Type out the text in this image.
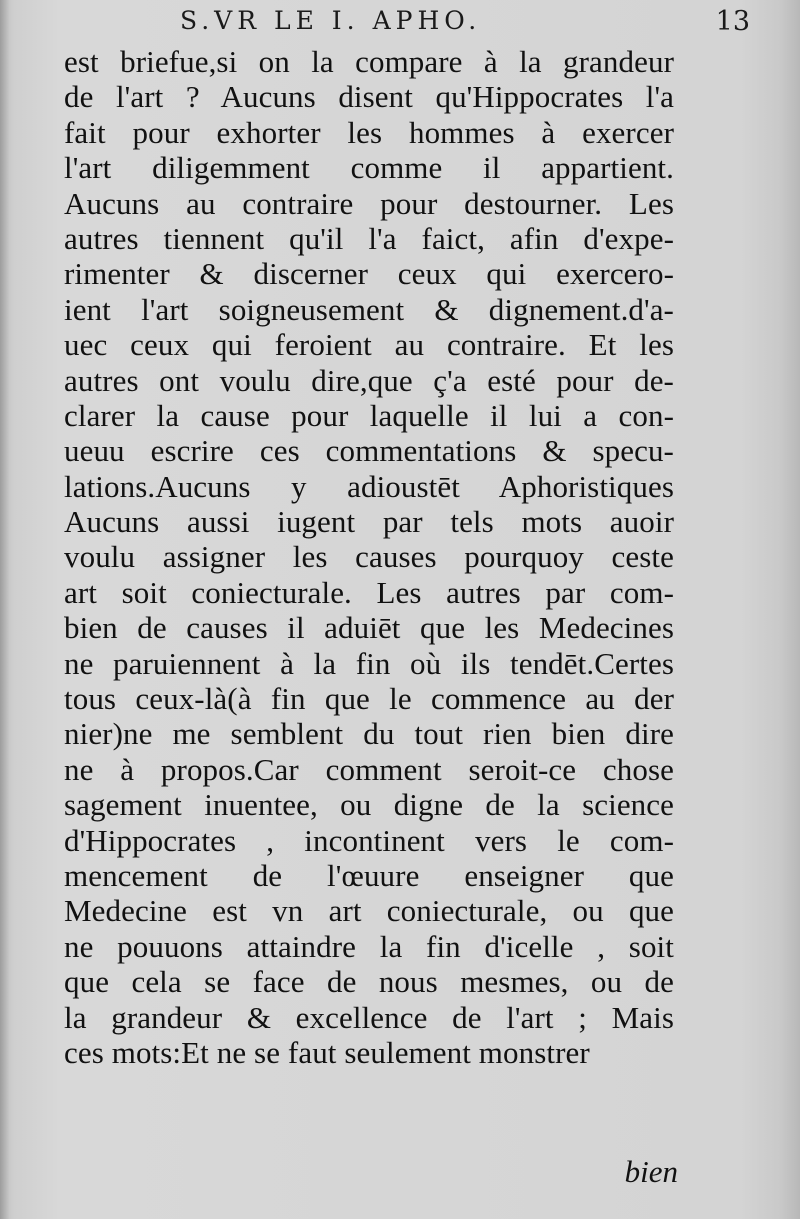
S.VR LE I. APHO.	13
est briefue,si on la compare à la grandeur
de l'art ? Aucuns disent qu'Hippocrates l'a
fait pour exhorter les hommes à exercer
l'art diligemment comme il appartient.
Aucuns au contraire pour destourner. Les
autres tiennent qu'il l'a faict, afin d'expe-
rimenter & discerner ceux qui exercero-
ient l'art soigneusement & dignement.d'a-
uec ceux qui feroient au contraire. Et les
autres ont voulu dire,que ç'a esté pour de-
clarer la cause pour laquelle il lui a con-
ueuu escrire ces commentations & specu-
lations.Aucuns y adioustēt Aphoristiques
Aucuns aussi iugent par tels mots auoir
voulu assigner les causes pourquoy ceste
art soit coniecturale. Les autres par com-
bien de causes il aduiēt que les Medecines
ne paruiennent à la fin où ils tendēt.Certes
tous ceux-là(à fin que le commence au der
nier)ne me semblent du tout rien bien dire
ne à propos.Car comment seroit-ce chose
sagement inuentee, ou digne de la science
d'Hippocrates , incontinent vers le com-
mencement de l'œuure enseigner que
Medecine est vn art coniecturale, ou que
ne pouuons attaindre la fin d'icelle , soit
que cela se face de nous mesmes, ou de
la grandeur & excellence de l'art ; Mais
ces mots:Et ne se faut seulement monstrer
bien
